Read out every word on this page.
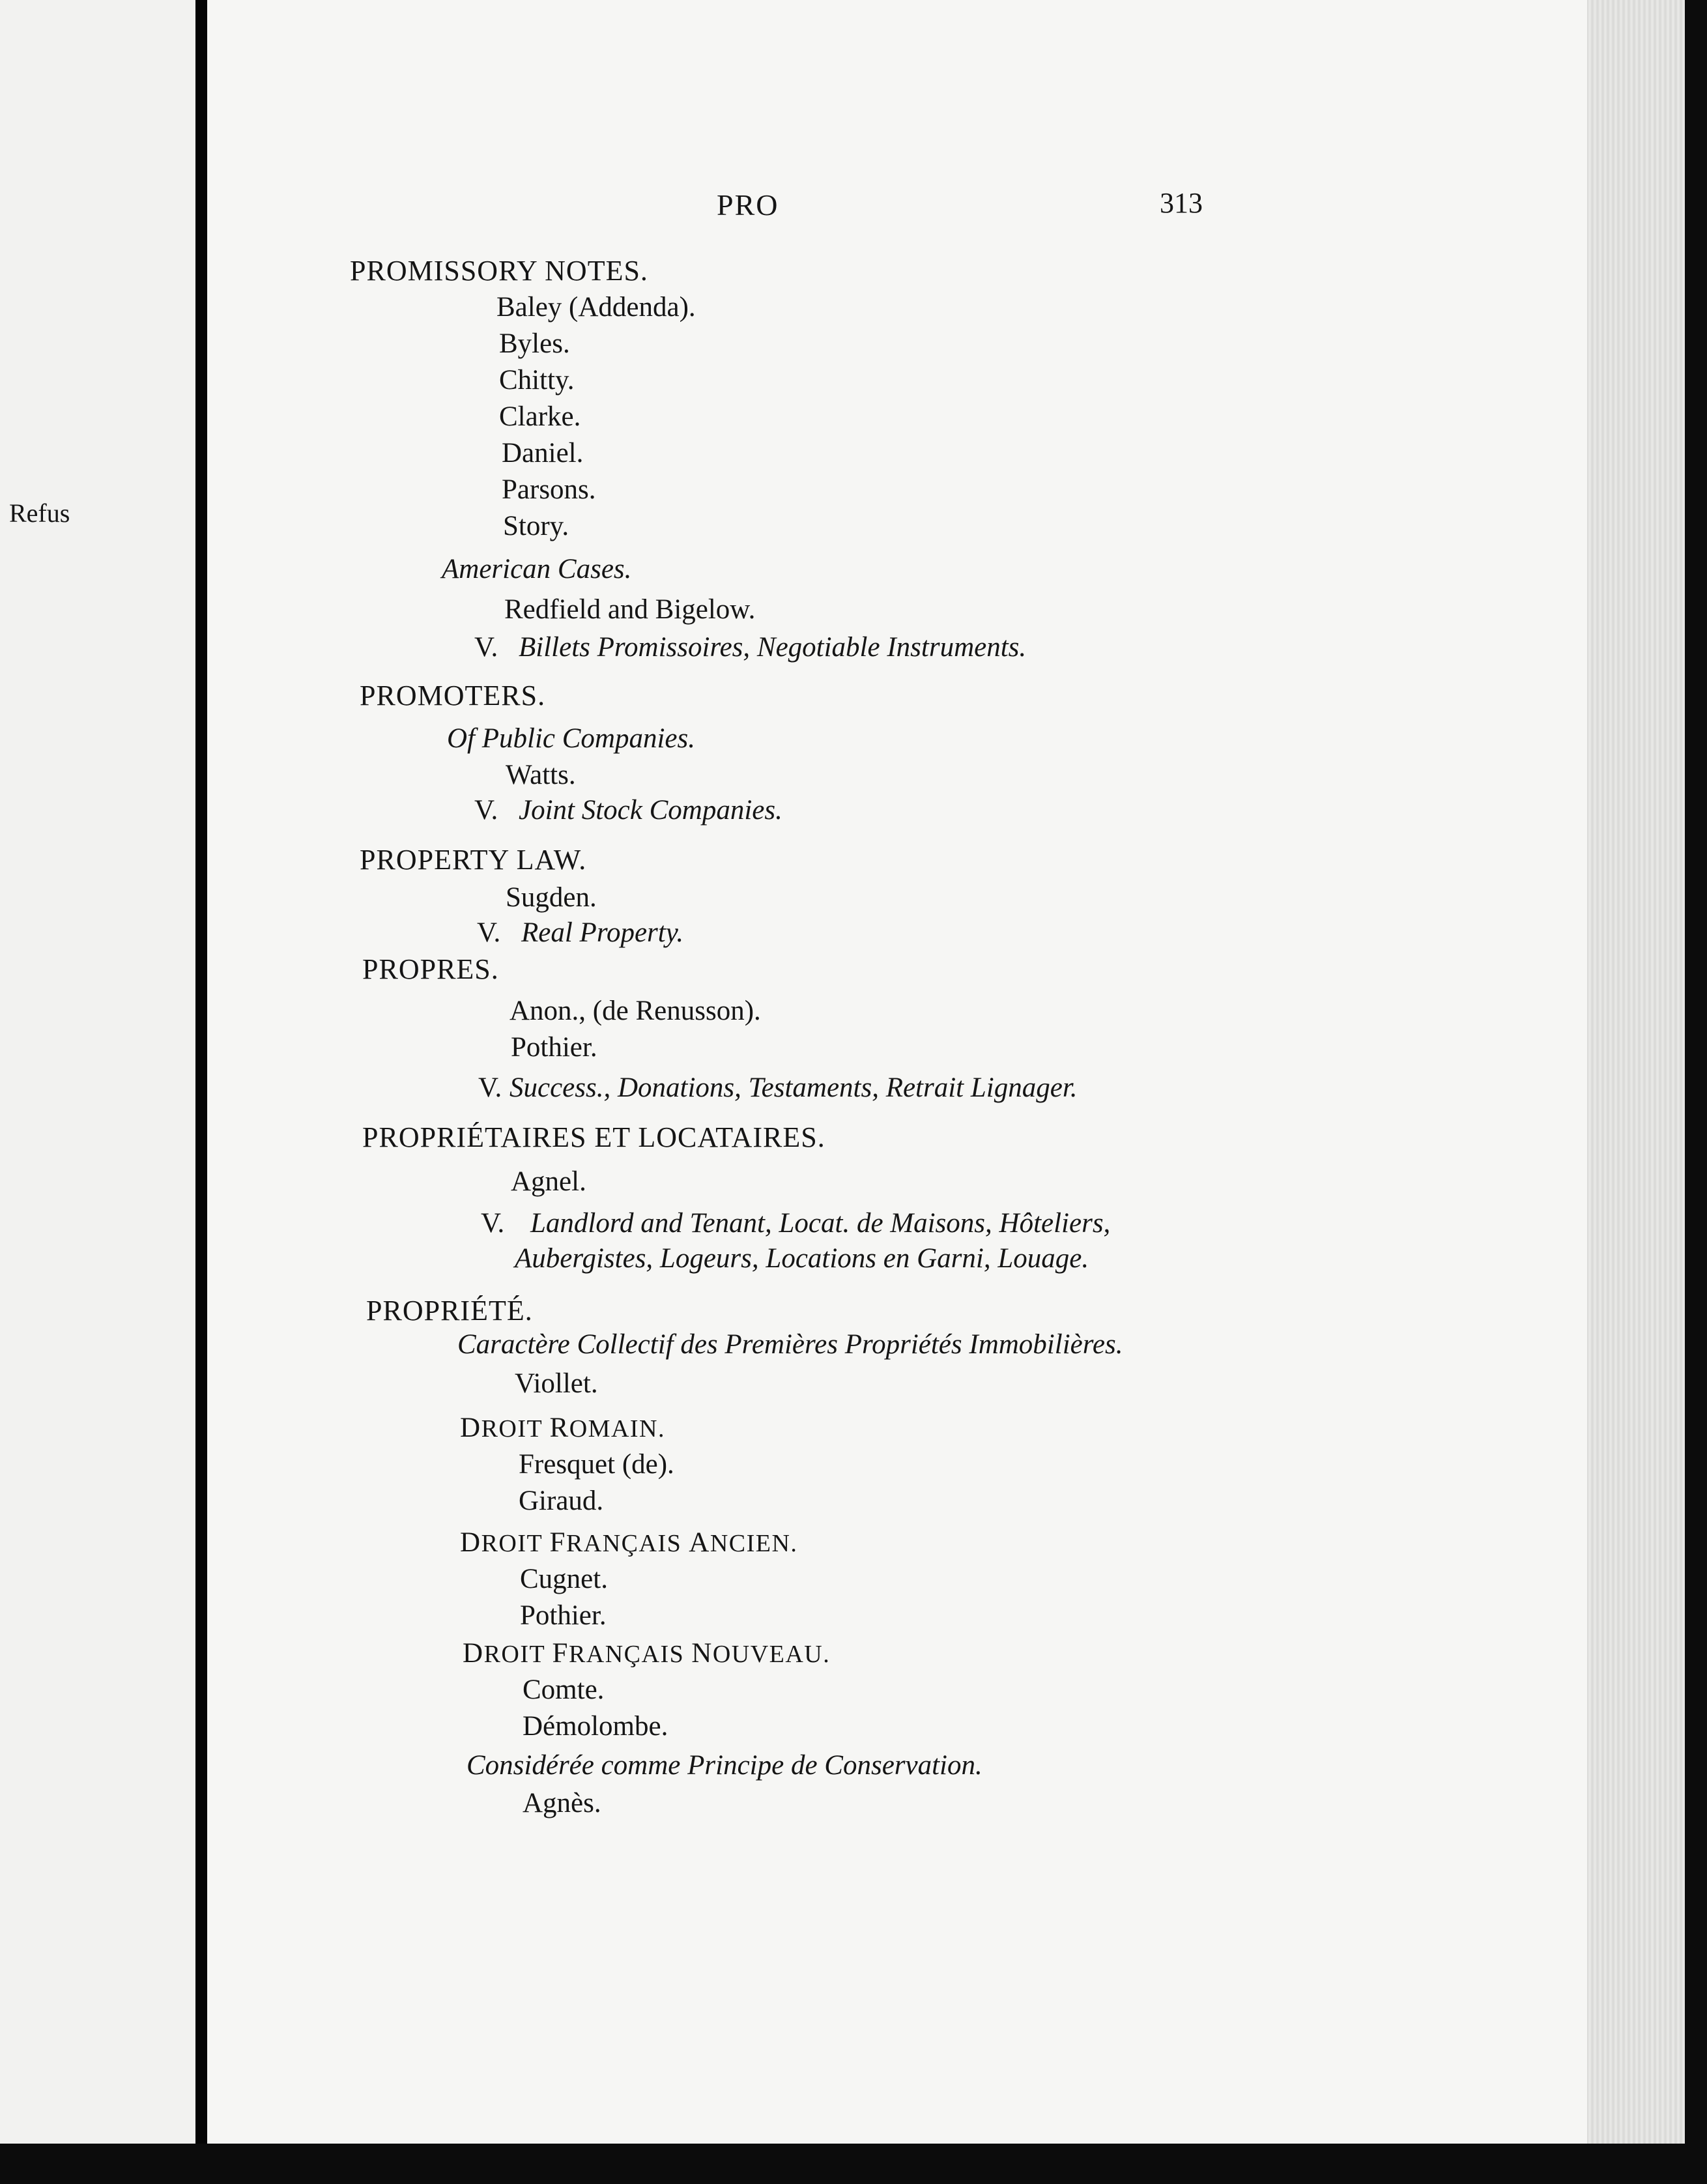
Refus
PRO	313
PROMISSORY NOTES.
Baley (Addenda).
Byles.
Chitty.
Clarke.
Daniel.
Parsons.
Story.
American Cases.
Redfield and Bigelow.
V. Billets Promissoires, Negotiable Instruments.
PROMOTERS.
Of Public Companies.
Watts.
V. Joint Stock Companies.
PROPERTY LAW.
Sugden.
V. Real Property.
PROPRES.
Anon., (de Renusson).
Pothier.
V. Success., Donations, Testaments, Retrait Lignager.
PROPRIÉTAIRES ET LOCATAIRES.
Agnel.
V. Landlord and Tenant, Locat. de Maisons, Hôteliers,
Aubergistes, Logeurs, Locations en Garni, Louage.
PROPRIÉTÉ.
Caractère Collectif des Premières Propriétés Immobilières.
Viollet.
DROIT ROMAIN.
Fresquet (de).
Giraud.
DROIT FRANÇAIS ANCIEN.
Cugnet.
Pothier.
DROIT FRANÇAIS NOUVEAU.
Comte.
Démolombe.
Considérée comme Principe de Conservation.
Agnès.
